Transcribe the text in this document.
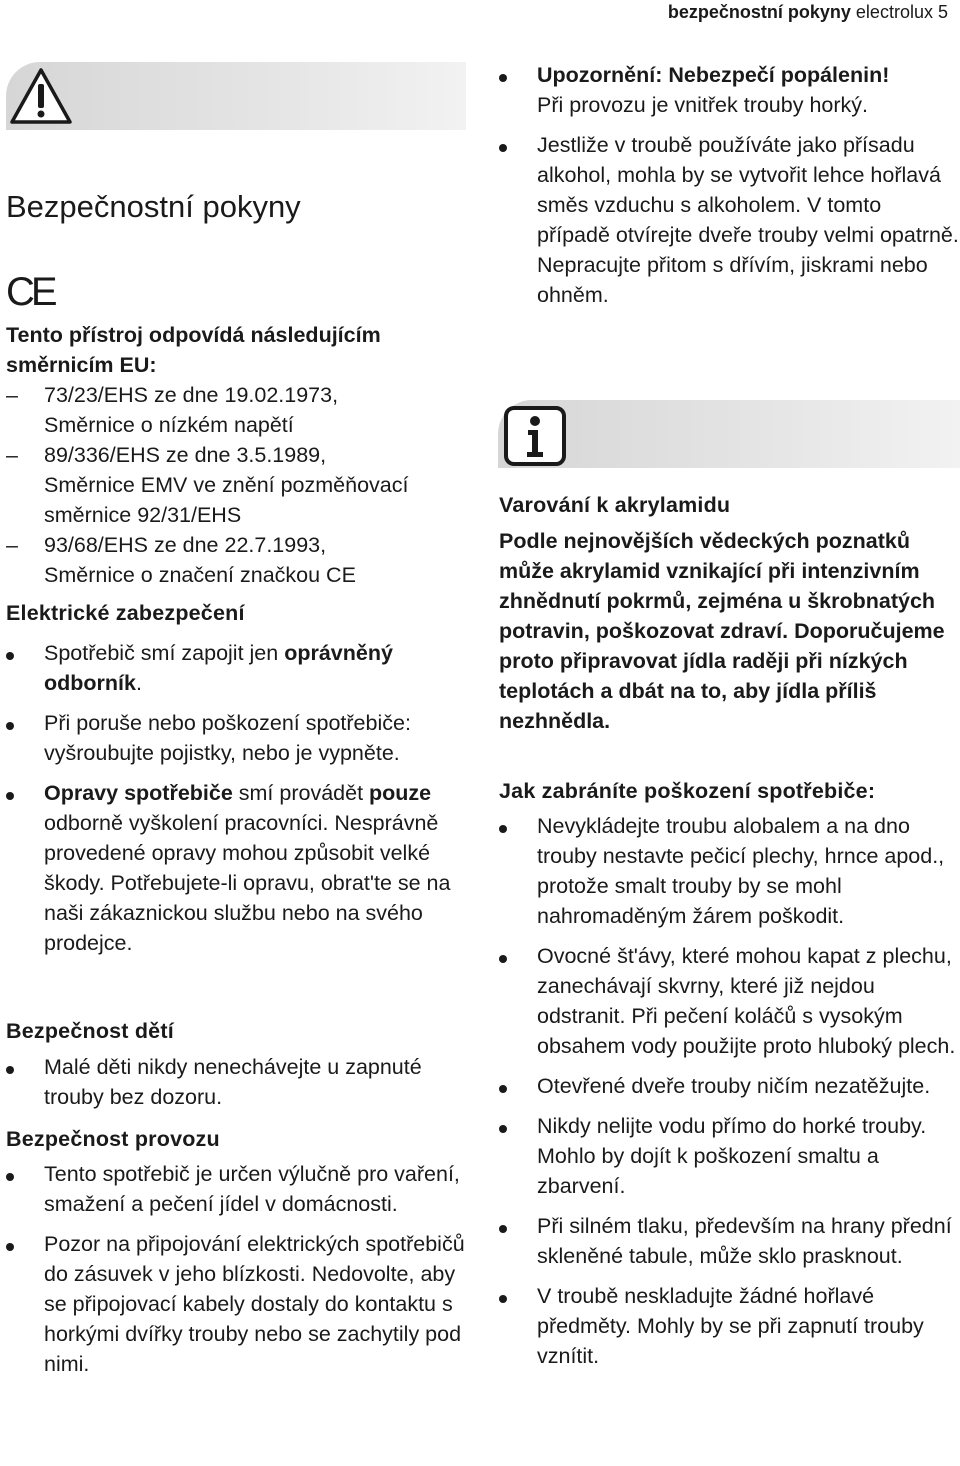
bezpečnostní pokyny electrolux 5
Bezpečnostní pokyny
CE
Tento přístroj odpovídá následujícím směrnicím EU:
–	73/23/EHS ze dne 19.02.1973,
Směrnice o nízkém napětí
–	89/336/EHS ze dne 3.5.1989,
Směrnice EMV ve znění pozměňovací směrnice 92/31/EHS
–	93/68/EHS ze dne 22.7.1993,
Směrnice o značení značkou CE
Elektrické zabezpečení
Spotřebič smí zapojit jen oprávněný odborník.
Při poruše nebo poškození spotřebiče: vyšroubujte pojistky, nebo je vypněte.
Opravy spotřebiče smí provádět pouze odborně vyškolení pracovníci. Nesprávně provedené opravy mohou způsobit velké škody. Potřebujete-li opravu, obrat'te se na naši zákaznickou službu nebo na svého prodejce.
Bezpečnost dětí
Malé děti nikdy nenechávejte u zapnuté trouby bez dozoru.
Bezpečnost provozu
Tento spotřebič je určen výlučně pro vaření, smažení a pečení jídel v domácnosti.
Pozor na připojování elektrických spotřebičů do zásuvek v jeho blízkosti. Nedovolte, aby se připojovací kabely dostaly do kontaktu s horkými dvířky trouby nebo se zachytily pod nimi.
Upozornění: Nebezpečí popálenin!
Při provozu je vnitřek trouby horký.
Jestliže v troubě používáte jako přísadu alkohol, mohla by se vytvořit lehce hořlavá směs vzduchu s alkoholem. V tomto případě otvírejte dveře trouby velmi opatrně. Nepracujte přitom s dřívím, jiskrami nebo ohněm.
Varování k akrylamidu
Podle nejnovějších vědeckých poznatků může akrylamid vznikající při intenzivním zhnědnutí pokrmů, zejména u škrobnatých potravin, poškozovat zdraví. Doporučujeme proto připravovat jídla raději při nízkých teplotách a dbát na to, aby jídla příliš nezhnědla.
Jak zabráníte poškození spotřebiče:
Nevykládejte troubu alobalem a na dno trouby nestavte pečicí plechy, hrnce apod., protože smalt trouby by se mohl nahromaděným žárem poškodit.
Ovocné št'ávy, které mohou kapat z plechu, zanechávají skvrny, které již nejdou odstranit. Při pečení koláčů s vysokým obsahem vody použijte proto hluboký plech.
Otevřené dveře trouby ničím nezatěžujte.
Nikdy nelijte vodu přímo do horké trouby. Mohlo by dojít k poškození smaltu a zbarvení.
Při silném tlaku, především na hrany přední skleněné tabule, může sklo prasknout.
V troubě neskladujte žádné hořlavé předměty. Mohly by se při zapnutí trouby vznítit.
